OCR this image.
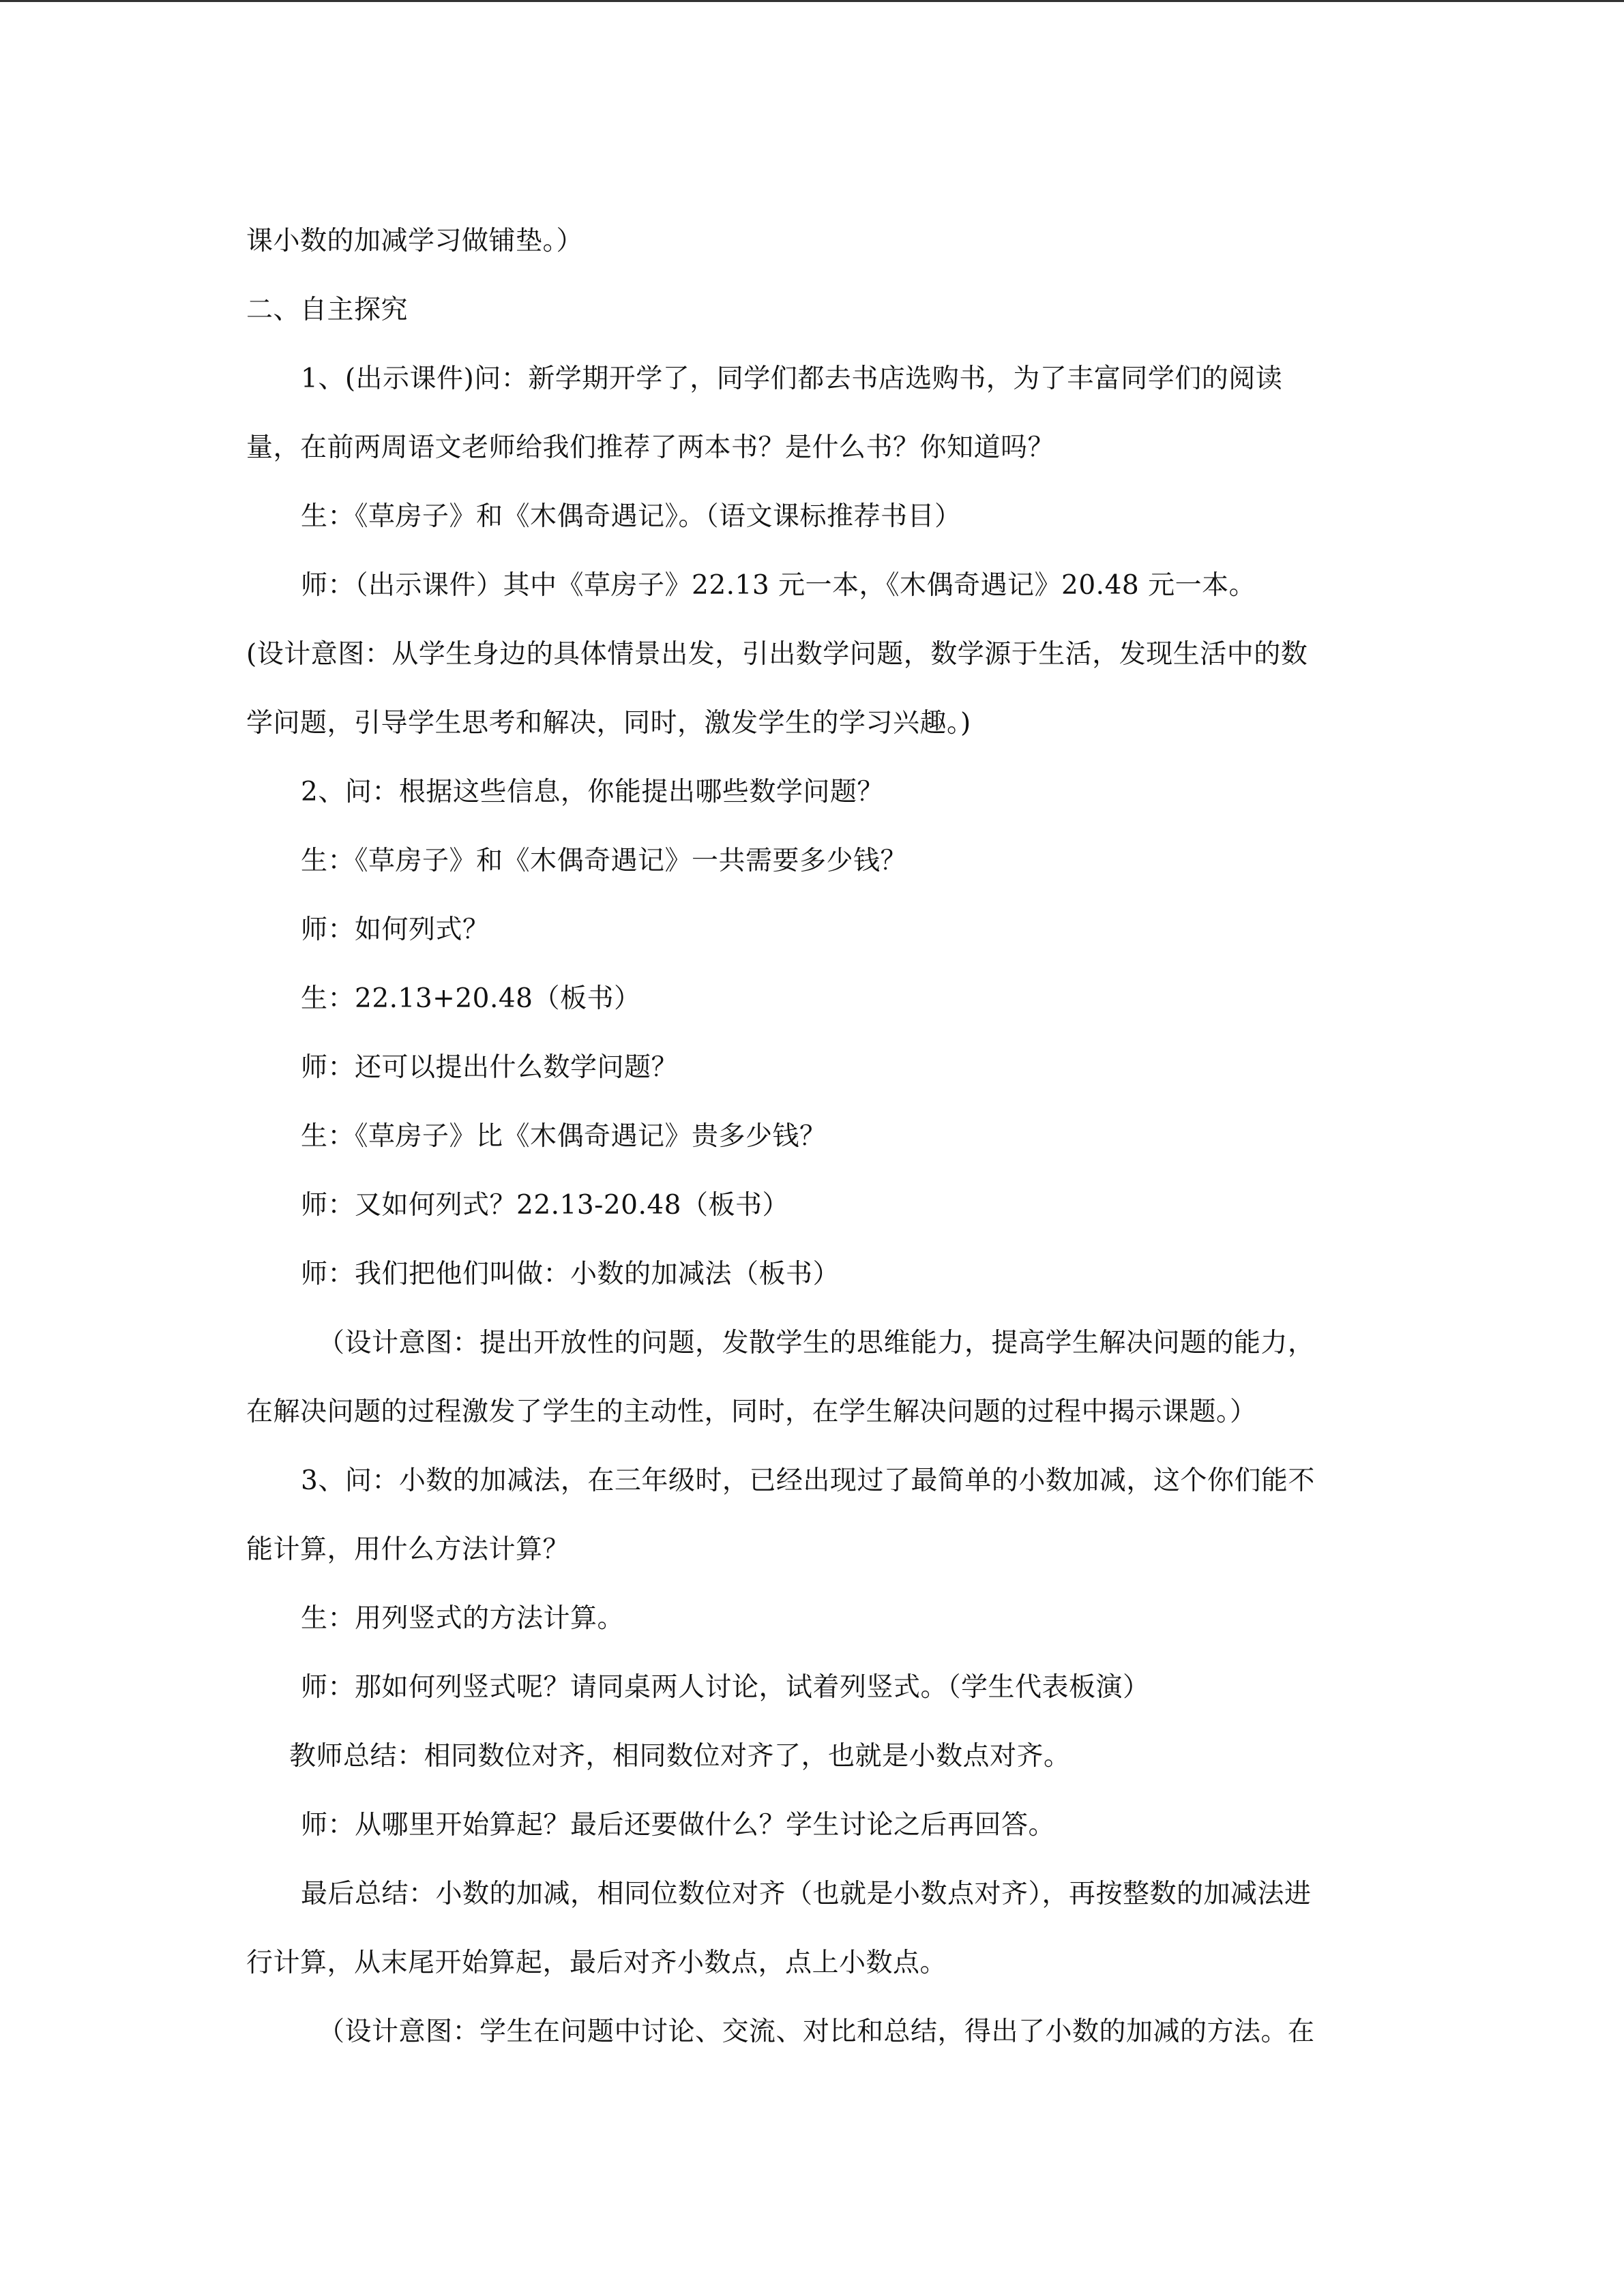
课小数的加减学习做铺垫。）
二、自主探究
1、(出示课件)问：新学期开学了，同学们都去书店选购书，为了丰富同学们的阅读
量，在前两周语文老师给我们推荐了两本书？是什么书？你知道吗？
生：《草房子》和《木偶奇遇记》。（语文课标推荐书目）
师：（出示课件）其中《草房子》22.13 元一本，《木偶奇遇记》20.48 元一本。
(设计意图：从学生身边的具体情景出发，引出数学问题，数学源于生活，发现生活中的数
学问题，引导学生思考和解决，同时，激发学生的学习兴趣。)
2、问：根据这些信息，你能提出哪些数学问题？
生：《草房子》和《木偶奇遇记》一共需要多少钱？
师：如何列式？
生：22.13+20.48（板书）
师：还可以提出什么数学问题？
生：《草房子》比《木偶奇遇记》贵多少钱？
师：又如何列式？22.13-20.48（板书）
师：我们把他们叫做：小数的加减法（板书）
（设计意图：提出开放性的问题，发散学生的思维能力，提高学生解决问题的能力，
在解决问题的过程激发了学生的主动性，同时，在学生解决问题的过程中揭示课题。）
3、问：小数的加减法，在三年级时，已经出现过了最简单的小数加减，这个你们能不
能计算，用什么方法计算？
生：用列竖式的方法计算。
师：那如何列竖式呢？请同桌两人讨论，试着列竖式。（学生代表板演）
教师总结：相同数位对齐，相同数位对齐了，也就是小数点对齐。
师：从哪里开始算起？最后还要做什么？学生讨论之后再回答。
最后总结：小数的加减，相同位数位对齐（也就是小数点对齐），再按整数的加减法进
行计算，从末尾开始算起，最后对齐小数点，点上小数点。
（设计意图：学生在问题中讨论、交流、对比和总结，得出了小数的加减的方法。在
